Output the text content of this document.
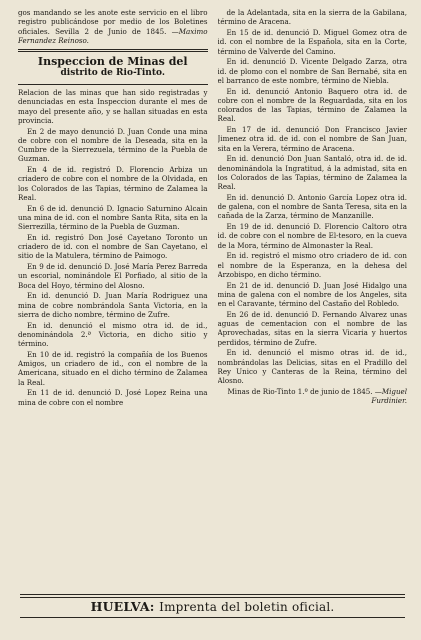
gos mandando se les anote este servicio en el libro registro publicándose por medio de los Boletines oficiales. Sevilla 2 de Junio de 1845. —Maximo Fernandez Reinoso.

Inspeccion de Minas del
distrito de Rio-Tinto.

Relacion de las minas que han sido registradas y denunciadas en esta Inspeccion durante el mes de mayo del presente año, y se hallan situadas en esta provincia.

En 2 de mayo denunció D. Juan Conde una mina de cobre con el nombre de la Deseada, sita en la Cumbre de la Sierrezuela, término de la Puebla de Guzman.

En 4 de id. registró D. Florencio Arbiza un criadero de cobre con el nombre de la Olvidada, en los Colorados de las Tapias, término de Zalamea la Real.

En 6 de id. denunció D. Ignacio Saturnino Alcain una mina de id. con el nombre Santa Rita, sita en la Sierrezilla, término de la Puebla de Guzman.

En id. registró Don José Cayetano Toronto un criadero de id. con el nombre de San Cayetano, el sitio de la Matulera, término de Paimogo.

En 9 de id. denunció D. José María Perez Barreda un escorial, nominándole El Porfiado, al sitio de la Boca del Hoyo, término del Alosno.

En id. denunció D. Juan María Rodriguez una mina de cobre nombrándola Santa Victoria, en la sierra de dicho nombre, término de Zufre.

En id. denunció el mismo otra id. de id., denominándola 2.ª Victoria, en dicho sitio y término.

En 10 de id. registró la compañía de los Buenos Amigos, un criadero de id., con el nombre de la Americana, situado en el dicho término de Zalamea la Real.

En 11 de id. denunció D. José Lopez Reina una mina de cobre con el nombre

de la Adelantada, sita en la sierra de la Gabilana, término de Aracena.

En 15 de id. denunció D. Miguel Gomez otra de id. con el nombre de la Española, sita en la Corte, término de Valverde del Camino.

En id. denunció D. Vicente Delgado Zarza, otra id. de plomo con el nombre de San Bernabé, sita en el barranco de este nombre, término de Niebla.

En id. denunció Antonio Baquero otra id. de cobre con el nombre de la Reguardada, sita en los colorados de las Tapias, término de Zalamea la Real.

En 17 de id. denunció Don Francisco Javier Jimenez otra id. de id. con el nombre de San Juan, sita en la Verera, término de Aracena.

En id. denunció Don Juan Santaló, otra id. de id. denominándola la Ingratitud, á la admistad, sita en los Colorados de las Tapias, término de Zalamea la Real.

En id. denunció D. Antonio García Lopez otra id. de galena, con el nombre de Santa Teresa, sita en la cañada de la Zarza, término de Manzanille.

En 19 de id. denunció D. Florencio Caltoro otra id. de cobre con el nombre de El-tesoro, en la cueva de la Mora, término de Almonaster la Real.

En id. registró el mismo otro criadero de id. con el nombre de la Esperanza, en la dehesa del Arzobispo, en dicho término.

En 21 de id. denunció D. Juan José Hidalgo una mina de galena con el nombre de los Angeles, sita en el Caravante, término del Castaño del Robledo.

En 26 de id. denunció D. Fernando Alvarez unas aguas de cementacion con el nombre de las Aprovechadas, sitas en la sierra Vicaria y huertos perdidos, término de Zufre.

En id. denunció el mismo otras id. de id., nombrándolas las Delicias, sitas en el Pradillo del Rey Unico y Canteras de la Reina, término del Alosno.

Minas de Rio-Tinto 1.º de junio de 1845. —Miguel Furdinier.

HUELVA: Imprenta del boletin oficial.
